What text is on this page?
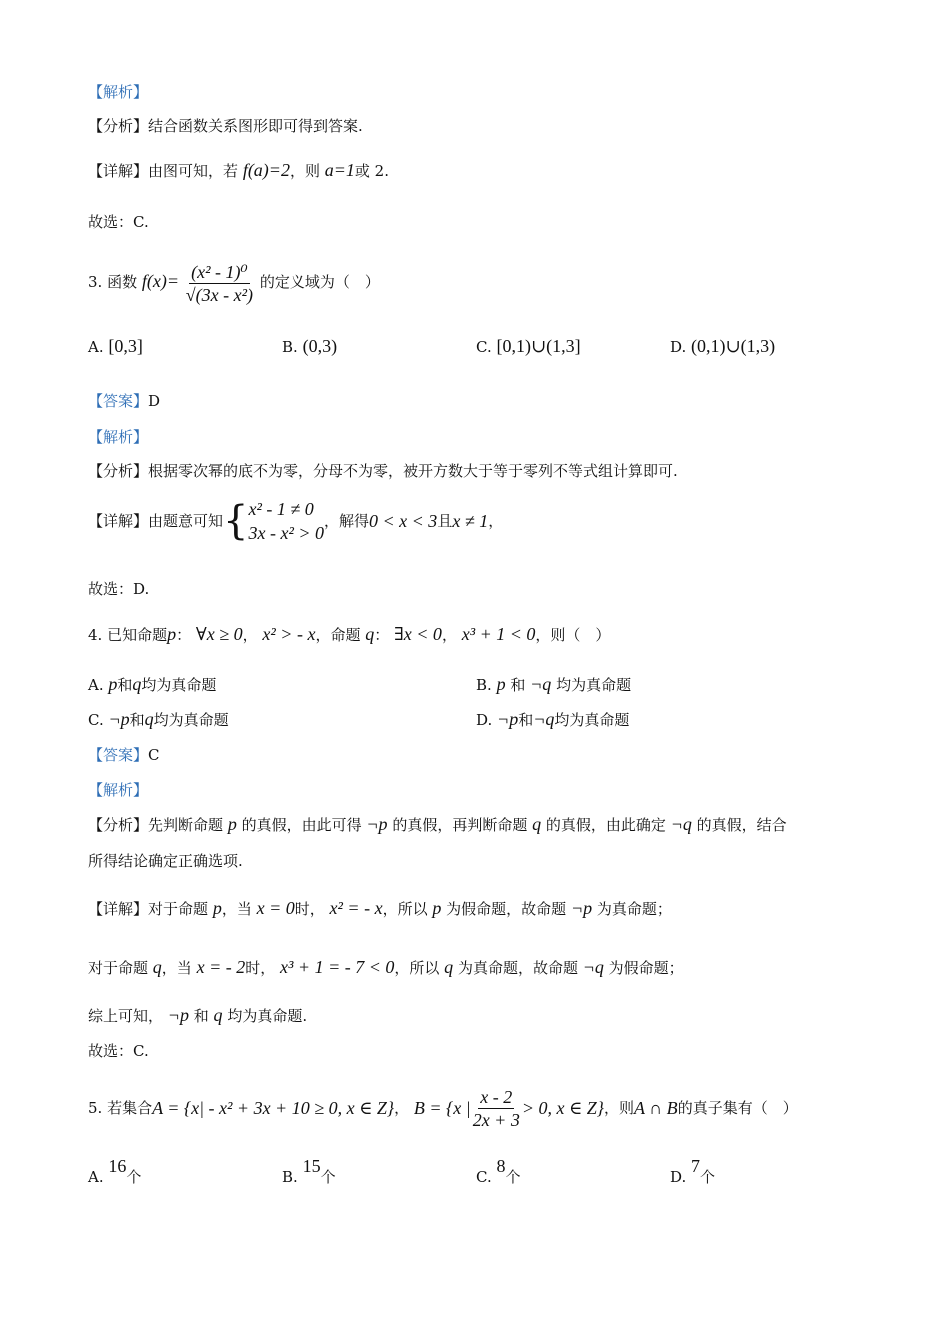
【解析】
【分析】结合函数关系图形即可得到答案.
【详解】由图可知，若 f(a)=2，则 a=1或 2.
故选：C.
3. 函数 $f(x)= \frac{\text{(x² - 1)⁰}}{\text{√(3x - x²)}}$ 的定义域为（　）
A. [0,3]	B. (0,3)	C. [0,1)∪(1,3]	D. (0,1)∪(1,3)
【答案】D
【解析】
【分析】根据零次幂的底不为零，分母不为零，被开方数大于等于零列不等式组计算即可.
【详解】 由题意可知 { x² - 1 ≠ 0
3x - x² > 0
，解得 0 < x < 3 且 x ≠ 1 ，
故选：D.
4. 已知命题p： ∀x ≥ 0， x² > - x，命题 q： ∃x < 0， x³ + 1 < 0，则（　）
A. p和q均为真命题	B. p 和 ¬q 均为真命题
C. ¬p和q均为真命题	D. ¬p和¬q均为真命题
【答案】C
【解析】
【分析】先判断命题 p 的真假，由此可得 ¬p 的真假，再判断命题 q 的真假，由此确定 ¬q 的真假，结合
所得结论确定正确选项.
【详解】对于命题 p，当 x = 0时， x² = - x，所以 p 为假命题，故命题 ¬p 为真命题；
对于命题 q，当 x = - 2时， x³ + 1 = - 7 < 0，所以 q 为真命题，故命题 ¬q 为假命题；
综上可知， ¬p 和 q 均为真命题.
故选：C.
5. 若集合 A = {x| - x² + 3x + 10 ≥ 0, x ∈ Z} ，
B = {x | $\frac{x - 2}{2x + 3} > 0$, x ∈ Z} ，则 A ∩ B 的真子集有（　）
A. 16个	B. 15个	C. 8个	D. 7个
